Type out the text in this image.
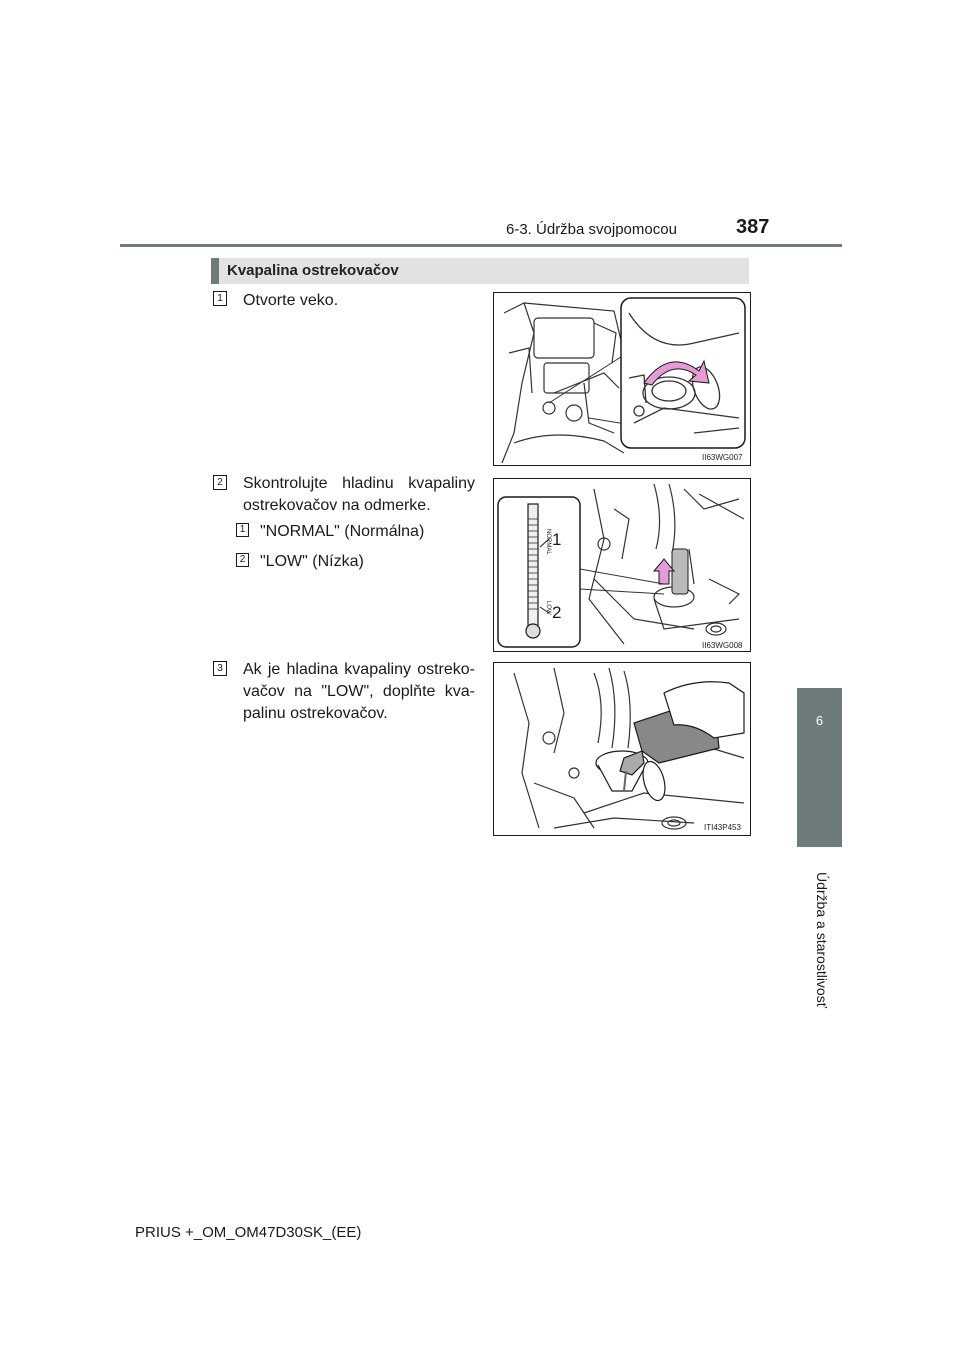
6-3. Údržba svojpomocou	387
6
Údržba a starostlivosť
Kvapalina ostrekovačov
1 Otvorte veko.
II63WG007
2 Skontrolujte hladinu kvapaliny ostrekovačov na odmerke.
1 "NORMAL" (Normálna)
2 "LOW" (Nízka)
NORMAL
LOW
1
2
II63WG008
3 Ak je hladina kvapaliny ostreko-vačov na "LOW", doplňte kva-palinu ostrekovačov.
ITI43P453
PRIUS +_OM_OM47D30SK_(EE)
